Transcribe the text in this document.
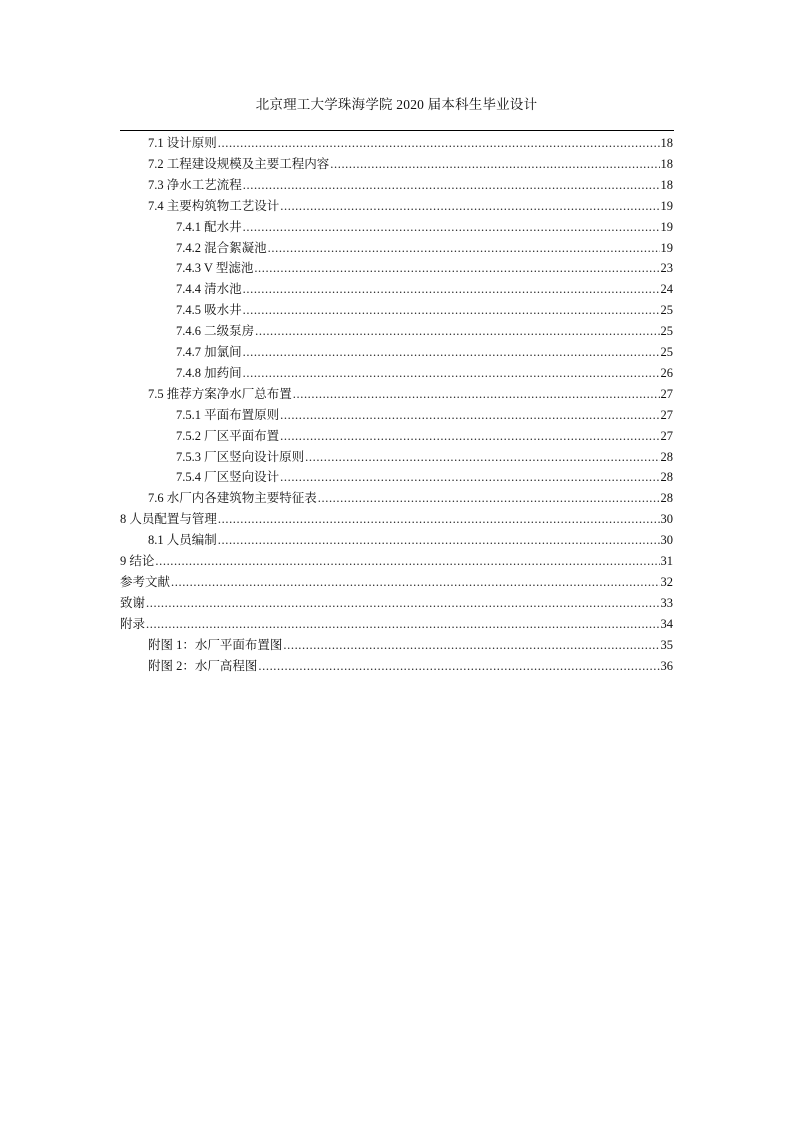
北京理工大学珠海学院 2020 届本科生毕业设计
7.1 设计原则 .....	18
7.2 工程建设规模及主要工程内容 .....	18
7.3 净水工艺流程 .....	18
7.4 主要构筑物工艺设计 .....	19
7.4.1 配水井 .....	19
7.4.2 混合絮凝池 .....	19
7.4.3 V 型滤池 .....	23
7.4.4 清水池 .....	24
7.4.5 吸水井 .....	25
7.4.6 二级泵房 .....	25
7.4.7 加氯间 .....	25
7.4.8 加药间 .....	26
7.5 推荐方案净水厂总布置 .....	27
7.5.1 平面布置原则 .....	27
7.5.2 厂区平面布置 .....	27
7.5.3 厂区竖向设计原则 .....	28
7.5.4 厂区竖向设计 .....	28
7.6 水厂内各建筑物主要特征表 .....	28
8 人员配置与管理 .....	30
8.1 人员编制 .....	30
9 结论 .....	31
参考文献 .....	32
致谢 .....	33
附录 .....	34
附图 1：水厂平面布置图 .....	35
附图 2：水厂高程图 .....	36
